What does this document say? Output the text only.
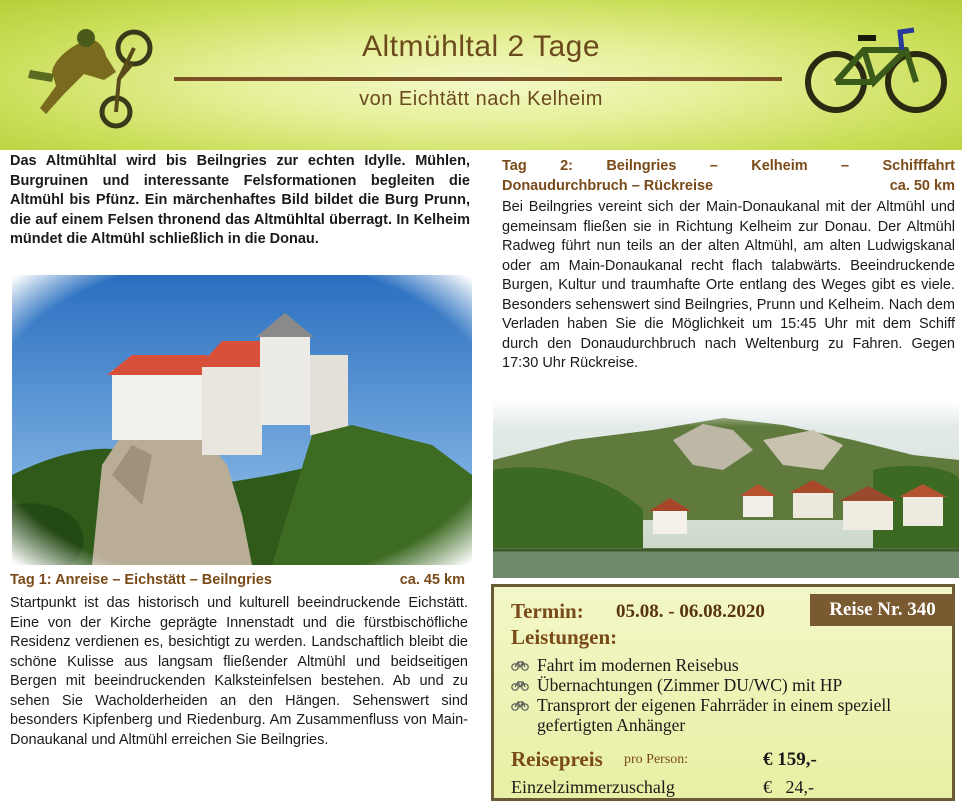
Altmühltal 2 Tage
von Eichtätt nach Kelheim
Das Altmühltal wird bis Beilngries zur echten Idylle. Mühlen, Burgruinen und interessante Felsformationen begleiten die Altmühl bis Pfünz. Ein märchenhaftes Bild bildet die Burg Prunn, die auf einem Felsen thronend das Altmühltal überragt. In Kelheim mündet die Altmühl schließlich in die Donau.
Tag 1: Anreise – Eichstätt – Beilngries	ca. 45 km
Startpunkt ist das historisch und kulturell beeindruckende Eichstätt. Eine von der Kirche geprägte Innenstadt und die fürstbischöfliche Residenz verdienen es, besichtigt zu werden. Landschaftlich bleibt die schöne Kulisse aus langsam fließender Altmühl und beidseitigen Bergen mit beeindruckenden Kalksteinfelsen bestehen. Ab und zu sehen Sie Wacholderheiden an den Hängen. Sehenswert sind besonders Kipfenberg und Riedenburg. Am Zusammenfluss von Main-Donaukanal und Altmühl erreichen Sie Beilngries.
Tag 2: Beilngries – Kelheim – Schifffahrt
Donaudurchbruch – Rückreise	ca. 50 km
Bei Beilngries vereint sich der Main-Donaukanal mit der Altmühl und gemeinsam fließen sie in Richtung Kelheim zur Donau. Der Altmühl Radweg führt nun teils an der alten Altmühl, am alten Ludwigskanal oder am Main-Donaukanal recht flach talabwärts. Beeindruckende Burgen, Kultur und traumhafte Orte entlang des Weges gibt es viele. Besonders sehenswert sind Beilngries, Prunn und Kelheim. Nach dem Verladen haben Sie die Möglichkeit um 15:45 Uhr mit dem Schiff durch den Donaudurchbruch nach Weltenburg zu Fahren. Gegen 17:30 Uhr Rückreise.
Termin: 05.08. - 06.08.2020	Reise Nr. 340
Leistungen:
Fahrt im modernen Reisebus
Übernachtungen (Zimmer DU/WC) mit HP
Transprort der eigenen Fahrräder in einem speziell gefertigten Anhänger
Reisepreis pro Person:	€ 159,-
Einzelzimmerzuschalg	€   24,-
